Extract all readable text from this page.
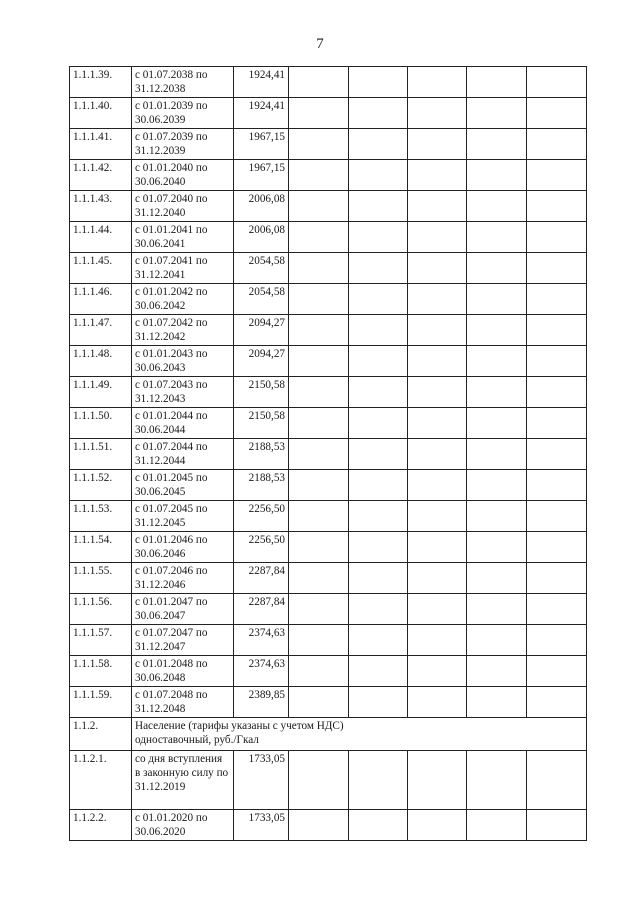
7
1.1.1.39.	с 01.07.2038 по 31.12.2038	1924,41					
1.1.1.40.	с 01.01.2039 по 30.06.2039	1924,41					
1.1.1.41.	с 01.07.2039 по 31.12.2039	1967,15					
1.1.1.42.	с 01.01.2040 по 30.06.2040	1967,15					
1.1.1.43.	с 01.07.2040 по 31.12.2040	2006,08					
1.1.1.44.	с 01.01.2041 по 30.06.2041	2006,08					
1.1.1.45.	с 01.07.2041 по 31.12.2041	2054,58					
1.1.1.46.	с 01.01.2042 по 30.06.2042	2054,58					
1.1.1.47.	с 01.07.2042 по 31.12.2042	2094,27					
1.1.1.48.	с 01.01.2043 по 30.06.2043	2094,27					
1.1.1.49.	с 01.07.2043 по 31.12.2043	2150,58					
1.1.1.50.	с 01.01.2044 по 30.06.2044	2150,58					
1.1.1.51.	с 01.07.2044 по 31.12.2044	2188,53					
1.1.1.52.	с 01.01.2045 по 30.06.2045	2188,53					
1.1.1.53.	с 01.07.2045 по 31.12.2045	2256,50					
1.1.1.54.	с 01.01.2046 по 30.06.2046	2256,50					
1.1.1.55.	с 01.07.2046 по 31.12.2046	2287,84					
1.1.1.56.	с 01.01.2047 по 30.06.2047	2287,84					
1.1.1.57.	с 01.07.2047 по 31.12.2047	2374,63					
1.1.1.58.	с 01.01.2048 по 30.06.2048	2374,63					
1.1.1.59.	с 01.07.2048 по 31.12.2048	2389,85					
1.1.2.	Население (тарифы указаны с учетом НДС)
одноставочный, руб./Гкал						

1.1.2.1.	со дня вступления в законную силу по 31.12.2019	1733,05					
1.1.2.2.	с 01.01.2020 по 30.06.2020	1733,05					
